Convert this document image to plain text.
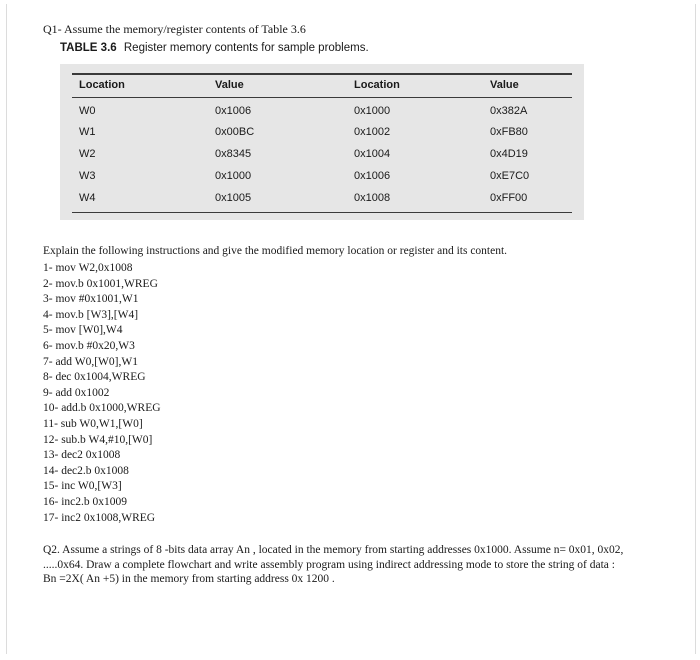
Q1- Assume the memory/register contents of Table 3.6
TABLE 3.6 Register memory contents for sample problems.
Location	Value	Location	Value
W0	0x1006	0x1000	0x382A
W1	0x00BC	0x1002	0xFB80
W2	0x8345	0x1004	0x4D19
W3	0x1000	0x1006	0xE7C0
W4	0x1005	0x1008	0xFF00
Explain the following instructions and give the modified memory location or register and its content.
1- mov W2,0x1008
2- mov.b 0x1001,WREG
3- mov #0x1001,W1
4- mov.b [W3],[W4]
5- mov [W0],W4
6- mov.b #0x20,W3
7- add W0,[W0],W1
8- dec 0x1004,WREG
9- add 0x1002
10- add.b 0x1000,WREG
11- sub W0,W1,[W0]
12- sub.b W4,#10,[W0]
13- dec2 0x1008
14- dec2.b 0x1008
15- inc W0,[W3]
16- inc2.b 0x1009
17- inc2 0x1008,WREG

Q2. Assume a strings of 8 -bits data array An , located in the memory from starting addresses 0x1000. Assume n= 0x01, 0x02, .....0x64. Draw a complete flowchart and write assembly program using indirect addressing mode to store the string of data :

Bn =2X( An +5) in the memory from starting address 0x 1200 .
